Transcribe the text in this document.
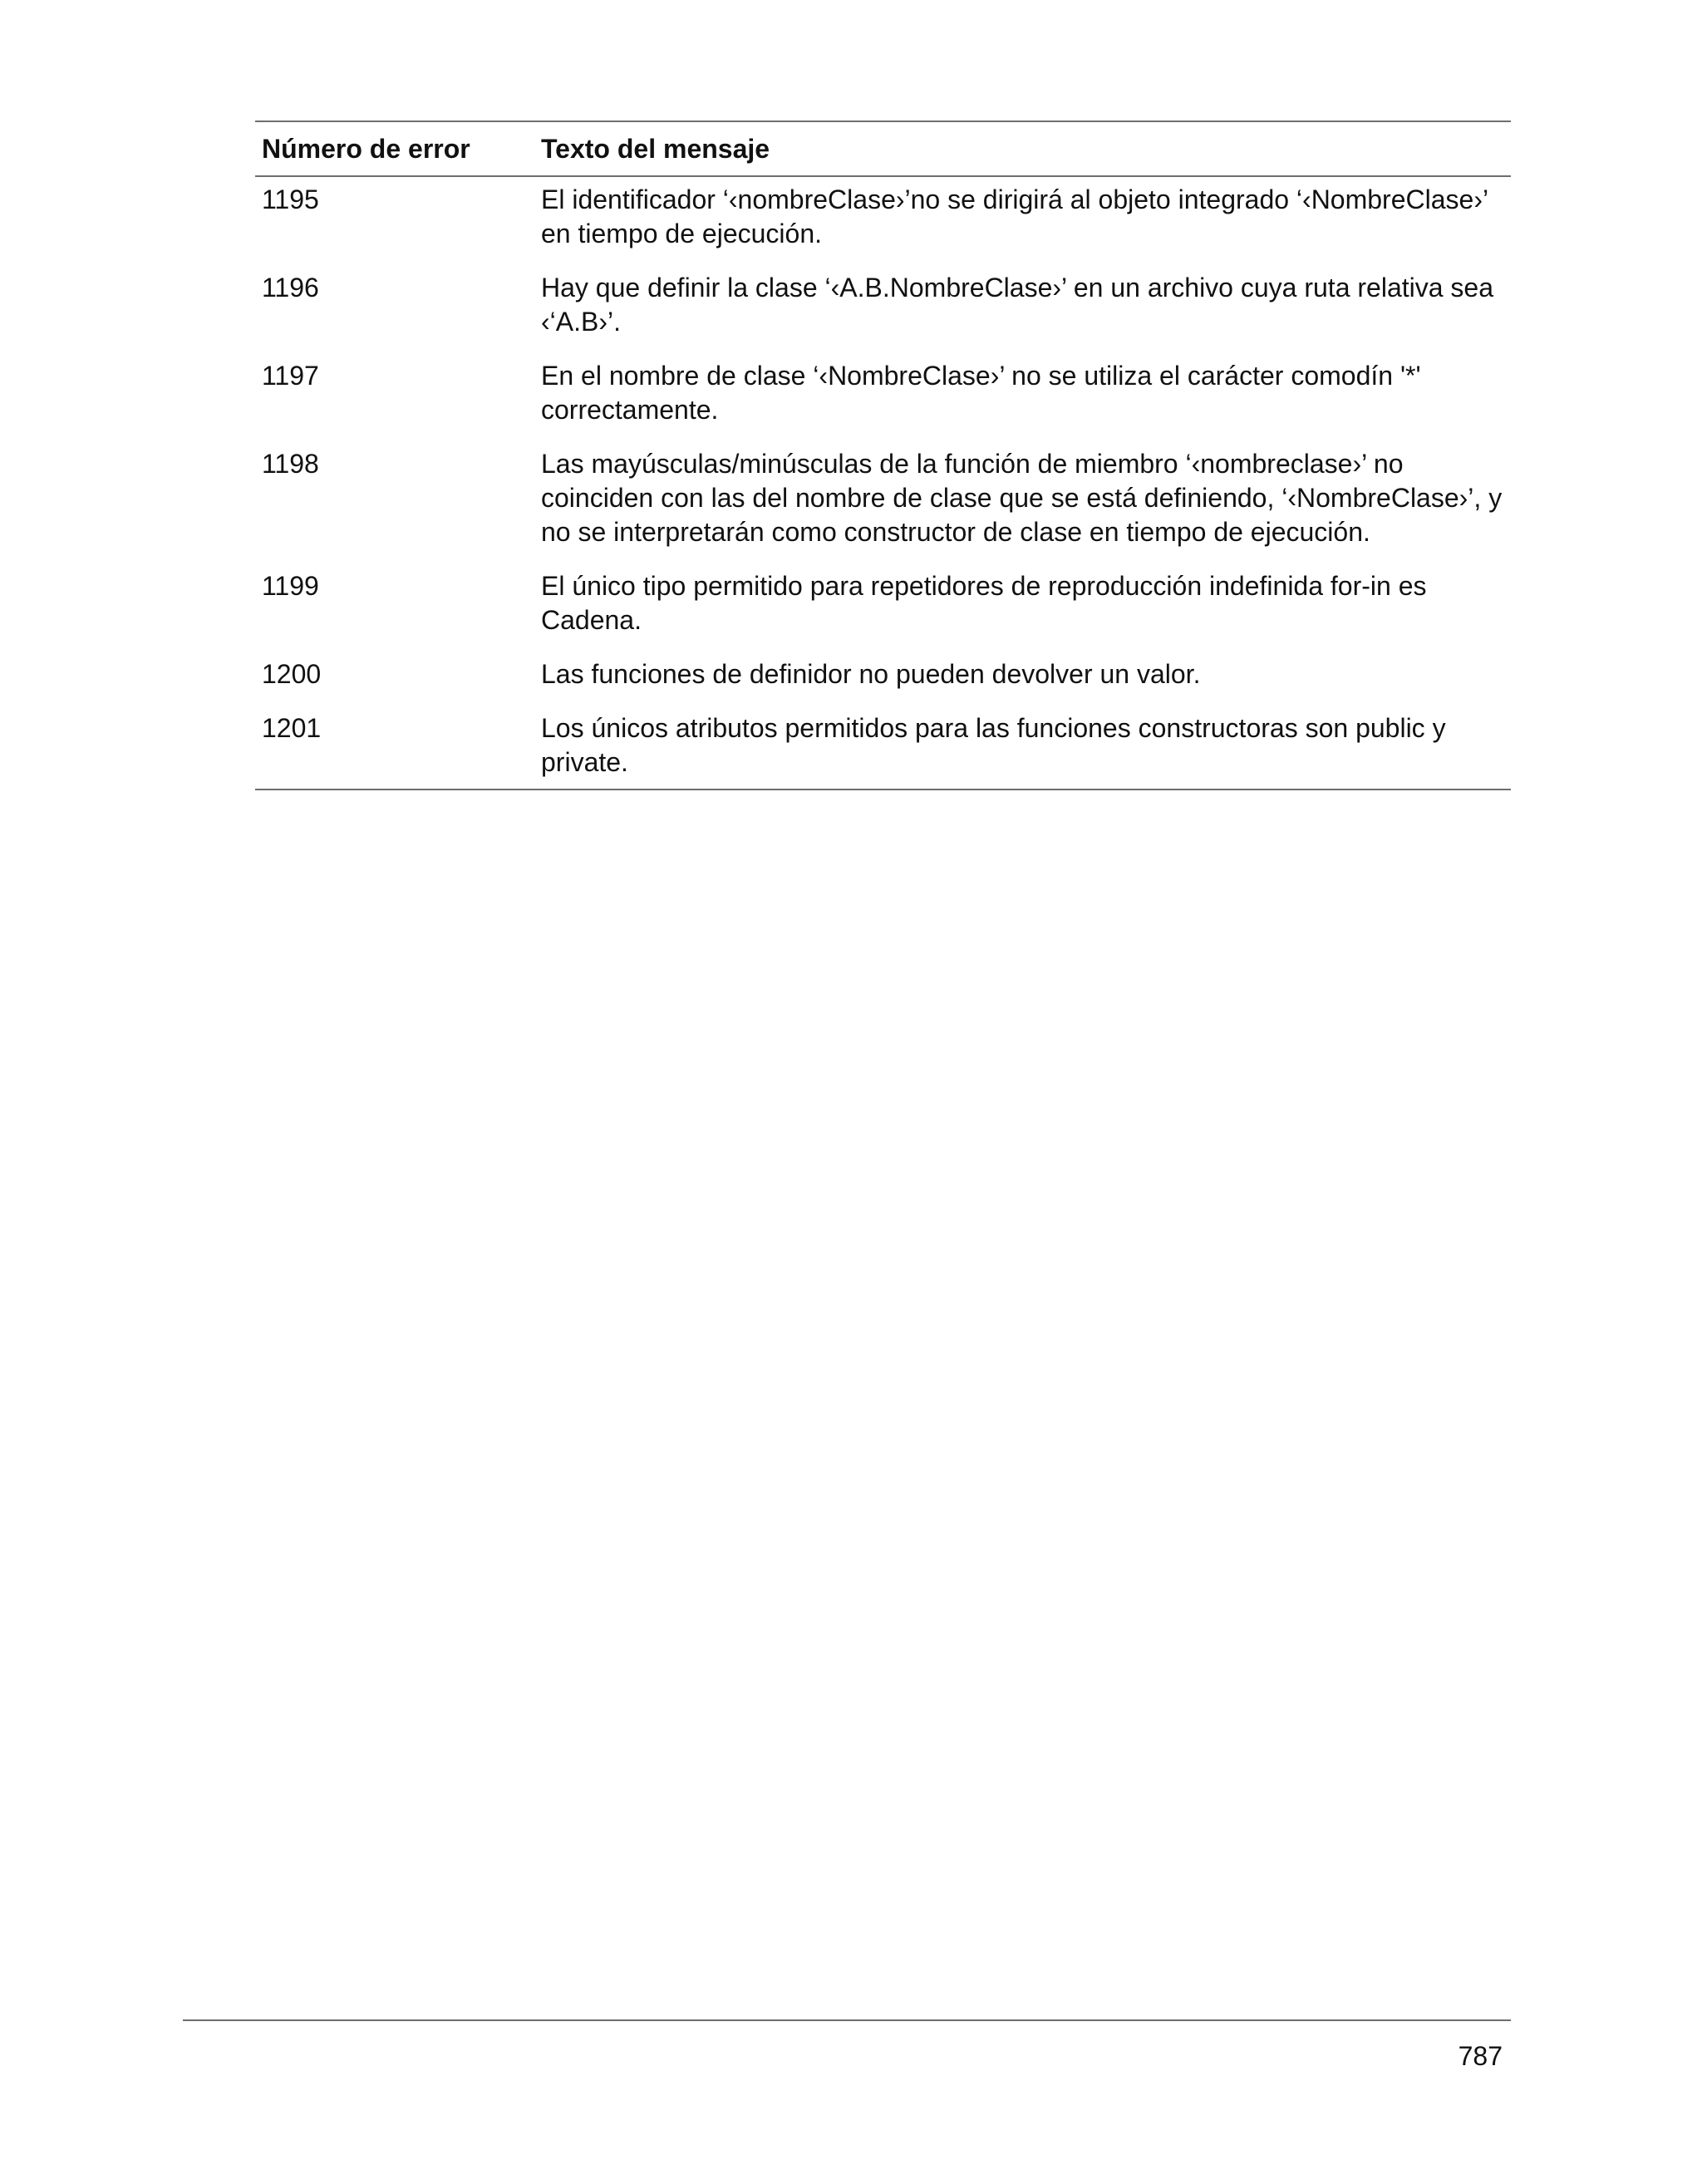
Número de error	Texto del mensaje
1195	El identificador ‘‹nombreClase›’no se dirigirá al objeto integrado ‘‹NombreClase›’ en tiempo de ejecución.
1196	Hay que definir la clase ‘‹A.B.NombreClase›’ en un archivo cuya ruta relativa sea ‹‘A.B›’.
1197	En el nombre de clase ‘‹NombreClase›’ no se utiliza el carácter comodín '*' correctamente.
1198	Las mayúsculas/minúsculas de la función de miembro ‘‹nombreclase›’ no coinciden con las del nombre de clase que se está definiendo, ‘‹NombreClase›’, y no se interpretarán como constructor de clase en tiempo de ejecución.
1199	El único tipo permitido para repetidores de reproducción indefinida for-in es Cadena.
1200	Las funciones de definidor no pueden devolver un valor.
1201	Los únicos atributos permitidos para las funciones constructoras son public y private.
787
